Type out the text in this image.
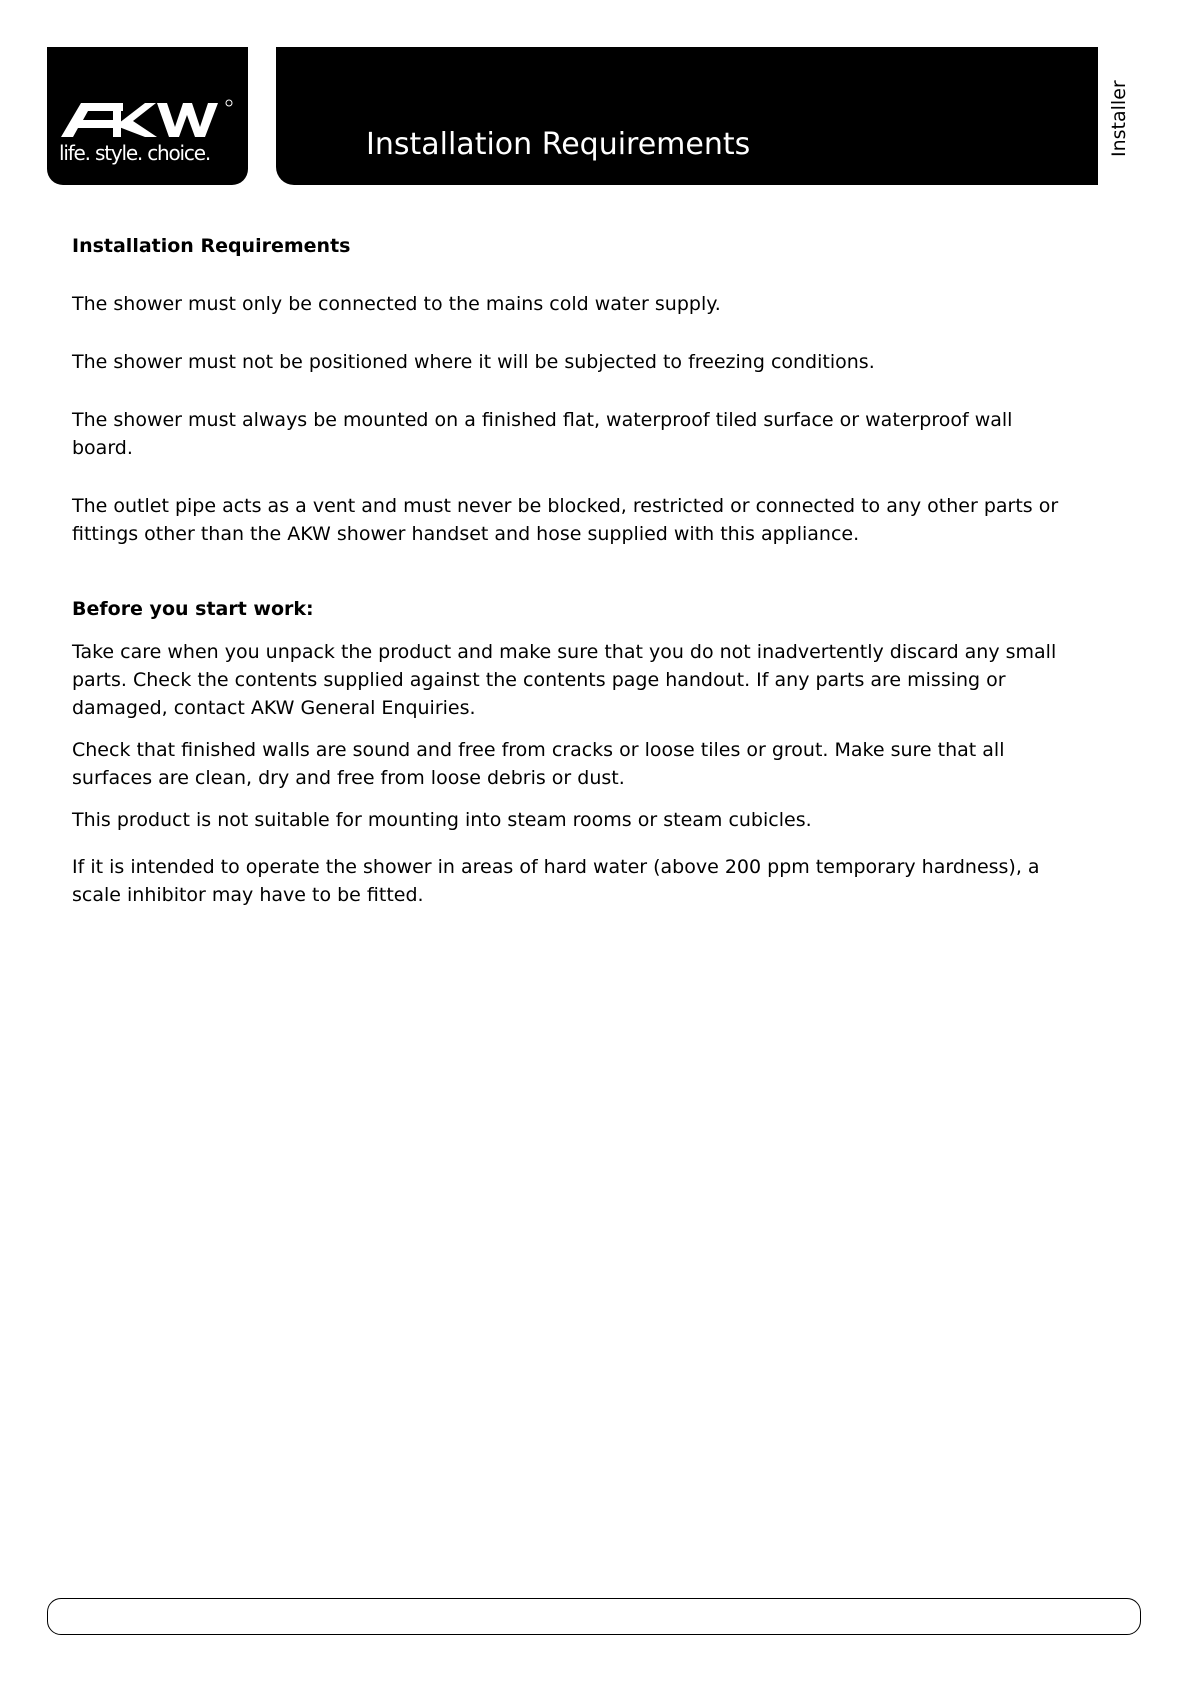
life. style. choice.	Installation Requirements	Installer

Installation Requirements

The shower must only be connected to the mains cold water supply.

The shower must not be positioned where it will be subjected to freezing conditions.

The shower must always be mounted on a finished flat, waterproof tiled surface or waterproof wall board.

The outlet pipe acts as a vent and must never be blocked, restricted or connected to any other parts or fittings other than the AKW shower handset and hose supplied with this appliance.

Before you start work:

Take care when you unpack the product and make sure that you do not inadvertently discard any small parts. Check the contents supplied against the contents page handout. If any parts are missing or damaged, contact AKW General Enquiries.

Check that finished walls are sound and free from cracks or loose tiles or grout. Make sure that all surfaces are clean, dry and free from loose debris or dust.

This product is not suitable for mounting into steam rooms or steam cubicles.

If it is intended to operate the shower in areas of hard water (above 200 ppm temporary hardness), a scale inhibitor may have to be fitted.
